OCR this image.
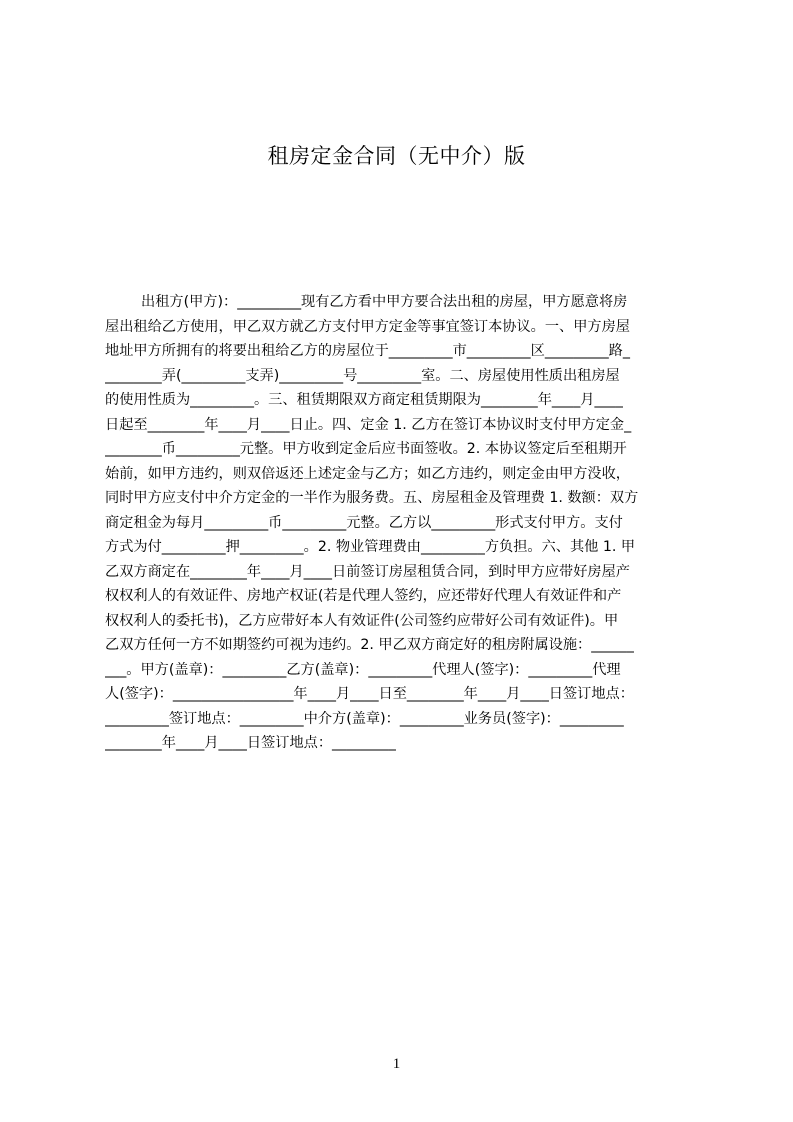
租房定金合同（无中介）版
出租方(甲方)：_________现有乙方看中甲方要合法出租的房屋，甲方愿意将房
屋出租给乙方使用，甲乙双方就乙方支付甲方定金等事宜签订本协议。一、甲方房屋
地址甲方所拥有的将要出租给乙方的房屋位于_________市_________区_________路_
________弄(_________支弄)_________号_________室。二、房屋使用性质出租房屋
的使用性质为_________。三、租赁期限双方商定租赁期限为________年____月____
日起至________年____月____日止。四、定金 1. 乙方在签订本协议时支付甲方定金_
________币_________元整。甲方收到定金后应书面签收。2. 本协议签定后至租期开
始前，如甲方违约，则双倍返还上述定金与乙方；如乙方违约，则定金由甲方没收，
同时甲方应支付中介方定金的一半作为服务费。五、房屋租金及管理费 1. 数额：双方
商定租金为每月_________币_________元整。乙方以_________形式支付甲方。支付
方式为付_________押_________。2. 物业管理费由_________方负担。六、其他 1. 甲
乙双方商定在________年____月____日前签订房屋租赁合同，到时甲方应带好房屋产
权权利人的有效证件、房地产权证(若是代理人签约，应还带好代理人有效证件和产
权权利人的委托书)，乙方应带好本人有效证件(公司签约应带好公司有效证件)。甲
乙双方任何一方不如期签约可视为违约。2. 甲乙双方商定好的租房附属设施：______
___。甲方(盖章)：_________乙方(盖章)：_________代理人(签字)：_________代理
人(签字)：_________________年____月____日至________年____月____日签订地点：
_________签订地点：_________中介方(盖章)：_________业务员(签字)：_________
________年____月____日签订地点：_________
1
